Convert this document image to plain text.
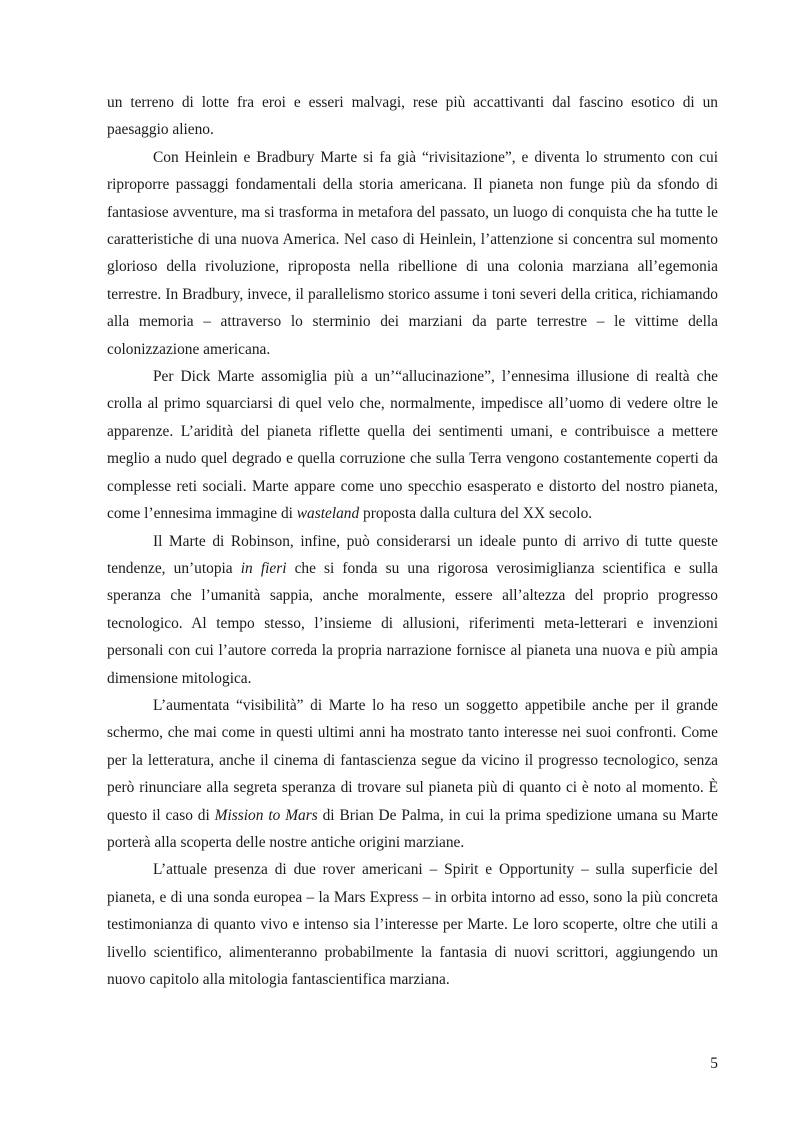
un terreno di lotte fra eroi e esseri malvagi, rese più accattivanti dal fascino esotico di un paesaggio alieno.

Con Heinlein e Bradbury Marte si fa già “rivisitazione”, e diventa lo strumento con cui riproporre passaggi fondamentali della storia americana. Il pianeta non funge più da sfondo di fantasiose avventure, ma si trasforma in metafora del passato, un luogo di conquista che ha tutte le caratteristiche di una nuova America. Nel caso di Heinlein, l’attenzione si concentra sul momento glorioso della rivoluzione, riproposta nella ribellione di una colonia marziana all’egemonia terrestre. In Bradbury, invece, il parallelismo storico assume i toni severi della critica, richiamando alla memoria – attraverso lo sterminio dei marziani da parte terrestre – le vittime della colonizzazione americana.

Per Dick Marte assomiglia più a un’“allucinazione”, l’ennesima illusione di realtà che crolla al primo squarciarsi di quel velo che, normalmente, impedisce all’uomo di vedere oltre le apparenze. L’aridità del pianeta riflette quella dei sentimenti umani, e contribuisce a mettere meglio a nudo quel degrado e quella corruzione che sulla Terra vengono costantemente coperti da complesse reti sociali. Marte appare come uno specchio esasperato e distorto del nostro pianeta, come l’ennesima immagine di wasteland proposta dalla cultura del XX secolo.

Il Marte di Robinson, infine, può considerarsi un ideale punto di arrivo di tutte queste tendenze, un’utopia in fieri che si fonda su una rigorosa verosimiglianza scientifica e sulla speranza che l’umanità sappia, anche moralmente, essere all’altezza del proprio progresso tecnologico. Al tempo stesso, l’insieme di allusioni, riferimenti meta-letterari e invenzioni personali con cui l’autore correda la propria narrazione fornisce al pianeta una nuova e più ampia dimensione mitologica.

L’aumentata “visibilità” di Marte lo ha reso un soggetto appetibile anche per il grande schermo, che mai come in questi ultimi anni ha mostrato tanto interesse nei suoi confronti. Come per la letteratura, anche il cinema di fantascienza segue da vicino il progresso tecnologico, senza però rinunciare alla segreta speranza di trovare sul pianeta più di quanto ci è noto al momento. È questo il caso di Mission to Mars di Brian De Palma, in cui la prima spedizione umana su Marte porterà alla scoperta delle nostre antiche origini marziane.

L’attuale presenza di due rover americani – Spirit e Opportunity – sulla superficie del pianeta, e di una sonda europea – la Mars Express – in orbita intorno ad esso, sono la più concreta testimonianza di quanto vivo e intenso sia l’interesse per Marte. Le loro scoperte, oltre che utili a livello scientifico, alimenteranno probabilmente la fantasia di nuovi scrittori, aggiungendo un nuovo capitolo alla mitologia fantascientifica marziana.

5
